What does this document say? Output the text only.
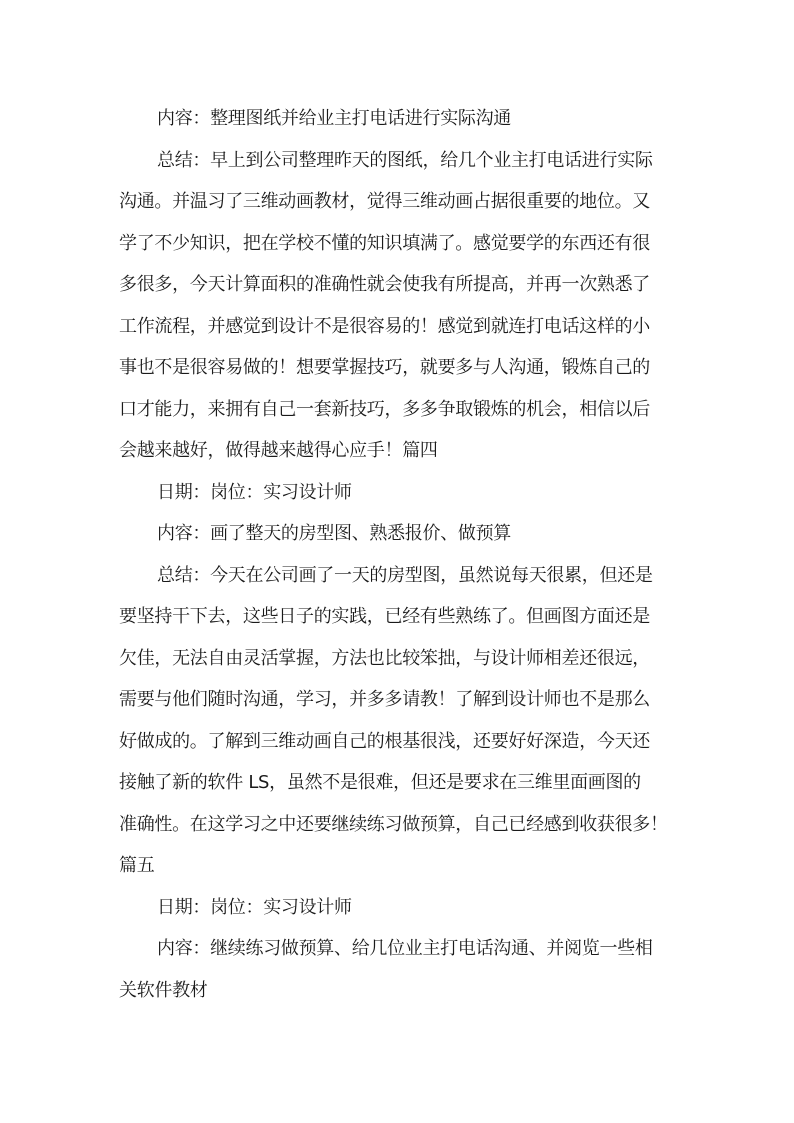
内容：整理图纸并给业主打电话进行实际沟通

总结：早上到公司整理昨天的图纸，给几个业主打电话进行实际
沟通。并温习了三维动画教材，觉得三维动画占据很重要的地位。又
学了不少知识，把在学校不懂的知识填满了。感觉要学的东西还有很
多很多，今天计算面积的准确性就会使我有所提高，并再一次熟悉了
工作流程，并感觉到设计不是很容易的！感觉到就连打电话这样的小
事也不是很容易做的！想要掌握技巧，就要多与人沟通，锻炼自己的
口才能力，来拥有自己一套新技巧，多多争取锻炼的机会，相信以后
会越来越好，做得越来越得心应手！篇四

日期：岗位：实习设计师

内容：画了整天的房型图、熟悉报价、做预算

总结：今天在公司画了一天的房型图，虽然说每天很累，但还是
要坚持干下去，这些日子的实践，已经有些熟练了。但画图方面还是
欠佳，无法自由灵活掌握，方法也比较笨拙，与设计师相差还很远，
需要与他们随时沟通，学习，并多多请教！了解到设计师也不是那么
好做成的。了解到三维动画自己的根基很浅，还要好好深造，今天还
接触了新的软件 LS，虽然不是很难，但还是要求在三维里面画图的
准确性。在这学习之中还要继续练习做预算，自己已经感到收获很多！
篇五

日期：岗位：实习设计师

内容：继续练习做预算、给几位业主打电话沟通、并阅览一些相
关软件教材
